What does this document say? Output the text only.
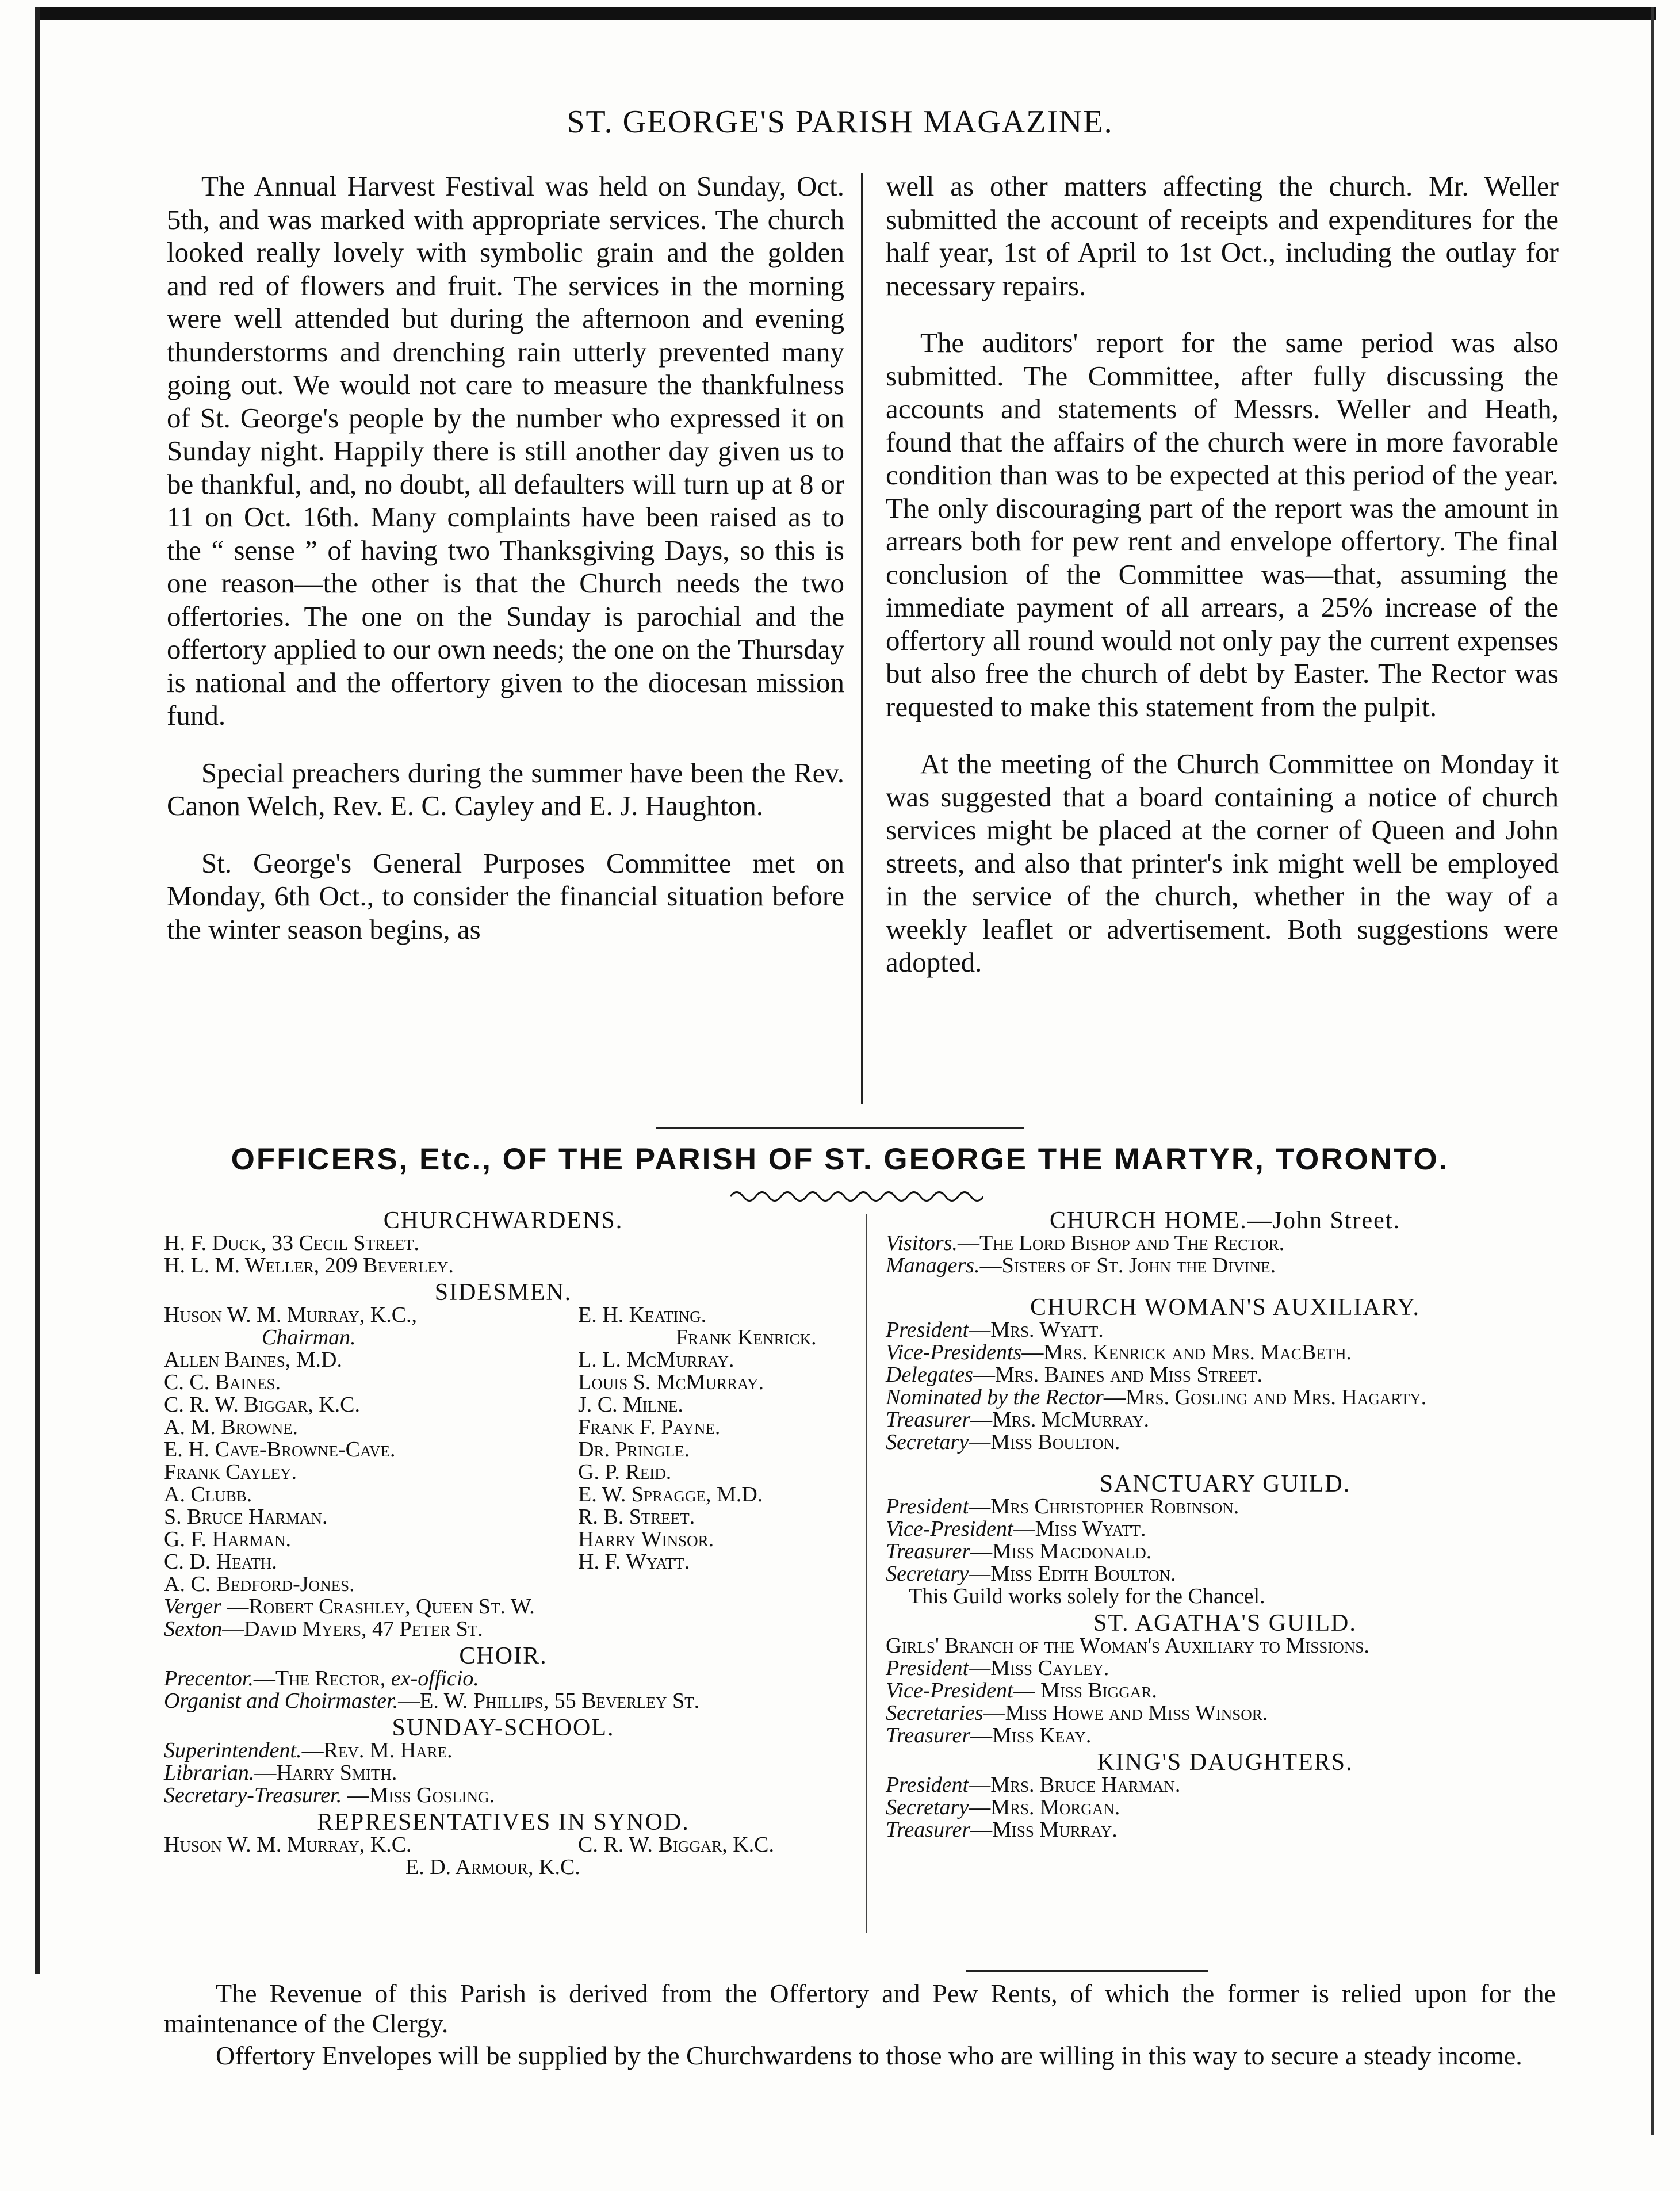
ST. GEORGE'S PARISH MAGAZINE.

The Annual Harvest Festival was held on Sunday, Oct. 5th, and was marked with appropriate services. The church looked really lovely with symbolic grain and the golden and red of flowers and fruit. The services in the morning were well attended but during the afternoon and evening thunderstorms and drenching rain utterly prevented many going out. We would not care to measure the thankfulness of St. George's people by the number who expressed it on Sunday night. Happily there is still another day given us to be thankful, and, no doubt, all defaulters will turn up at 8 or 11 on Oct. 16th. Many complaints have been raised as to the “ sense ” of having two Thanksgiving Days, so this is one reason—the other is that the Church needs the two offertories. The one on the Sunday is parochial and the offertory applied to our own needs; the one on the Thursday is national and the offertory given to the diocesan mission fund.

Special preachers during the summer have been the Rev. Canon Welch, Rev. E. C. Cayley and E. J. Haughton.

St. George's General Purposes Committee met on Monday, 6th Oct., to consider the financial situation before the winter season begins, as

well as other matters affecting the church. Mr. Weller submitted the account of receipts and expenditures for the half year, 1st of April to 1st Oct., including the outlay for necessary repairs.

The auditors' report for the same period was also submitted. The Committee, after fully discussing the accounts and statements of Messrs. Weller and Heath, found that the affairs of the church were in more favorable condition than was to be expected at this period of the year. The only discouraging part of the report was the amount in arrears both for pew rent and envelope offertory. The final conclusion of the Committee was—that, assuming the immediate payment of all arrears, a 25% increase of the offertory all round would not only pay the current expenses but also free the church of debt by Easter. The Rector was requested to make this statement from the pulpit.

At the meeting of the Church Committee on Monday it was suggested that a board containing a notice of church services might be placed at the corner of Queen and John streets, and also that printer's ink might well be employed in the service of the church, whether in the way of a weekly leaflet or advertisement. Both suggestions were adopted.

OFFICERS, Etc., OF THE PARISH OF ST. GEORGE THE MARTYR, TORONTO.
CHURCHWARDENS.
H. F. Duck, 33 Cecil Street.
H. L. M. Weller, 209 Beverley.
SIDESMEN.
Huson W. M. Murray, K.C.,	E. H. Keating.
Chairman.	Frank Kenrick.
Allen Baines, M.D.	L. L. McMurray.
C. C. Baines.	Louis S. McMurray.
C. R. W. Biggar, K.C.	J. C. Milne.
A. M. Browne.	Frank F. Payne.
E. H. Cave-Browne-Cave.	Dr. Pringle.
Frank Cayley.	G. P. Reid.
A. Clubb.	E. W. Spragge, M.D.
S. Bruce Harman.	R. B. Street.
G. F. Harman.	Harry Winsor.
C. D. Heath.	H. F. Wyatt.
A. C. Bedford-Jones.
Verger —Robert Crashley, Queen St. W.
Sexton—David Myers, 47 Peter St.
CHOIR.
Precentor.—The Rector, ex-officio.
Organist and Choirmaster.—E. W. Phillips, 55 Beverley St.
SUNDAY-SCHOOL.
Superintendent.—Rev. M. Hare.
Librarian.—Harry Smith.
Secretary-Treasurer. —Miss Gosling.
REPRESENTATIVES IN SYNOD.
Huson W. M. Murray, K.C.	C. R. W. Biggar, K.C.
E. D. Armour, K.C.
CHURCH HOME.—John Street.
Visitors.—The Lord Bishop and The Rector.
Managers.—Sisters of St. John the Divine.
CHURCH WOMAN'S AUXILIARY.
President—Mrs. Wyatt.
Vice-Presidents—Mrs. Kenrick and Mrs. MacBeth.
Delegates—Mrs. Baines and Miss Street.
Nominated by the Rector—Mrs. Gosling and Mrs. Hagarty.
Treasurer—Mrs. McMurray.
Secretary—Miss Boulton.
SANCTUARY GUILD.
President—Mrs Christopher Robinson.
Vice-President—Miss Wyatt.
Treasurer—Miss Macdonald.
Secretary—Miss Edith Boulton.
This Guild works solely for the Chancel.
ST. AGATHA'S GUILD.
Girls' Branch of the Woman's Auxiliary to Missions.
President—Miss Cayley.
Vice-President— Miss Biggar.
Secretaries—Miss Howe and Miss Winsor.
Treasurer—Miss Keay.
KING'S DAUGHTERS.
President—Mrs. Bruce Harman.
Secretary—Mrs. Morgan.
Treasurer—Miss Murray.

The Revenue of this Parish is derived from the Offertory and Pew Rents, of which the former is relied upon for the maintenance of the Clergy.

Offertory Envelopes will be supplied by the Churchwardens to those who are willing in this way to secure a steady income.
